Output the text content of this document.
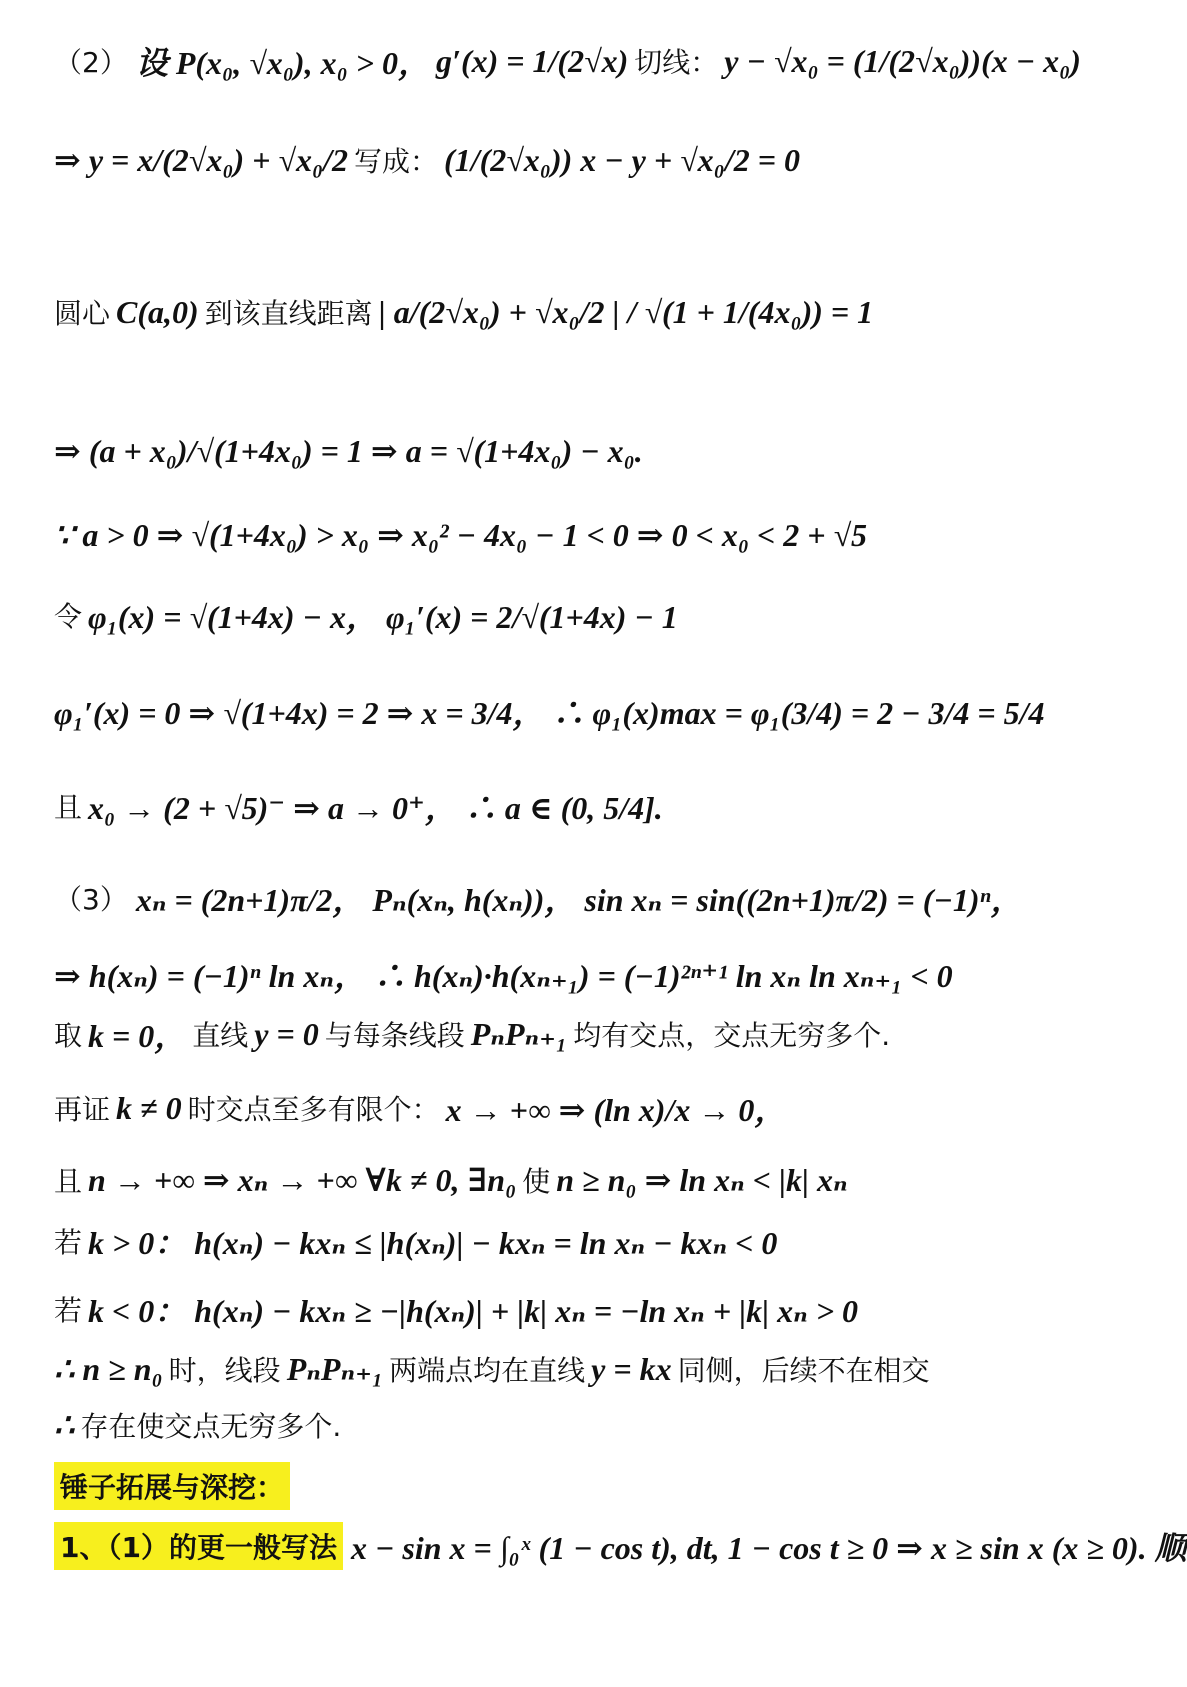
（2） 设 P(x₀, √x₀), x₀ > 0， g′(x) = 1/(2√x) 切线： y − √x₀ = (1/(2√x₀))(x − x₀)
⇒ y = x/(2√x₀) + √x₀/2 写成： (1/(2√x₀)) x − y + √x₀/2 = 0
圆心 C(a,0) 到该直线距离 | a/(2√x₀) + √x₀/2 | / √(1 + 1/(4x₀)) = 1
⇒ (a + x₀)/√(1+4x₀) = 1 ⇒ a = √(1+4x₀) − x₀.
∵ a > 0 ⇒ √(1+4x₀) > x₀ ⇒ x₀² − 4x₀ − 1 < 0 ⇒ 0 < x₀ < 2 + √5
令 φ₁(x) = √(1+4x) − x， φ₁′(x) = 2/√(1+4x) − 1
φ₁′(x) = 0 ⇒ √(1+4x) = 2 ⇒ x = 3/4， ∴ φ₁(x)max = φ₁(3/4) = 2 − 3/4 = 5/4
且 x₀ → (2 + √5)⁻ ⇒ a → 0⁺， ∴ a ∈ (0, 5/4].
（3） xₙ = (2n+1)π/2， Pₙ(xₙ, h(xₙ))， sin xₙ = sin((2n+1)π/2) = (−1)ⁿ，
⇒ h(xₙ) = (−1)ⁿ ln xₙ， ∴ h(xₙ)·h(xₙ₊₁) = (−1)²ⁿ⁺¹ ln xₙ ln xₙ₊₁ < 0
取 k = 0， 直线 y = 0 与每条线段 PₙPₙ₊₁ 均有交点，交点无穷多个.
再证 k ≠ 0 时交点至多有限个： x → +∞ ⇒ (ln x)/x → 0，
且 n → +∞ ⇒ xₙ → +∞ ∀k ≠ 0, ∃n₀ 使 n ≥ n₀ ⇒ ln xₙ < |k| xₙ
若 k > 0： h(xₙ) − kxₙ ≤ |h(xₙ)| − kxₙ = ln xₙ − kxₙ < 0
若 k < 0： h(xₙ) − kxₙ ≥ −|h(xₙ)| + |k| xₙ = −ln xₙ + |k| xₙ > 0
∴ n ≥ n₀ 时，线段 PₙPₙ₊₁ 两端点均在直线 y = kx 同侧，后续不在相交
∴ 存在使交点无穷多个.
锤子拓展与深挖：
1、（1）的更一般写法 x − sin x = ∫₀ˣ (1 − cos t), dt, 1 − cos t ≥ 0 ⇒ x ≥ sin x (x ≥ 0). 顺
